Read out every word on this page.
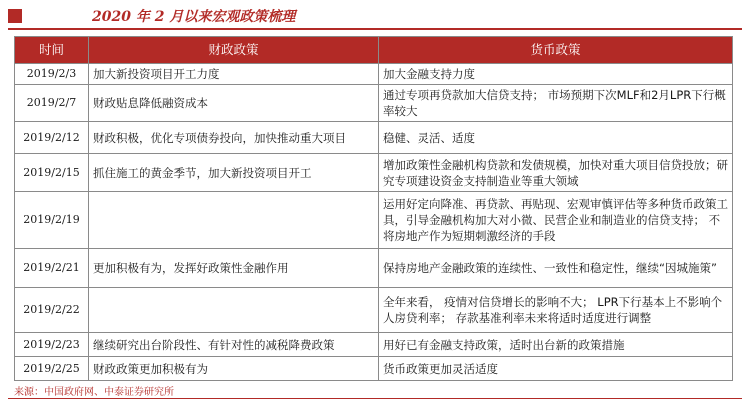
2020 年 2 月以来宏观政策梳理
时间	财政政策	货币政策
2019/2/3	加大新投资项目开工力度	加大金融支持力度
2019/2/7	财政贴息降低融资成本	通过专项再贷款加大信贷支持； 市场预期下次MLF和2月LPR下行概率较大
2019/2/12	财政积极，优化专项债券投向，加快推动重大项目	稳健、灵活、适度
2019/2/15	抓住施工的黄金季节，加大新投资项目开工	增加政策性金融机构贷款和发债规模，加快对重大项目信贷投放；研究专项建设资金支持制造业等重大领域
2019/2/19		运用好定向降准、再贷款、再贴现、宏观审慎评估等多种货币政策工具，引导金融机构加大对小微、民营企业和制造业的信贷支持； 不将房地产作为短期刺激经济的手段
2019/2/21	更加积极有为，发挥好政策性金融作用	保持房地产金融政策的连续性、一致性和稳定性，继续“因城施策”
2019/2/22		全年来看， 疫情对信贷增长的影响不大； LPR下行基本上不影响个人房贷利率； 存款基准利率未来将适时适度进行调整
2019/2/23	继续研究出台阶段性、有针对性的减税降费政策	用好已有金融支持政策，适时出台新的政策措施
2019/2/25	财政政策更加积极有为	货币政策更加灵活适度
来源：中国政府网、中泰证券研究所
